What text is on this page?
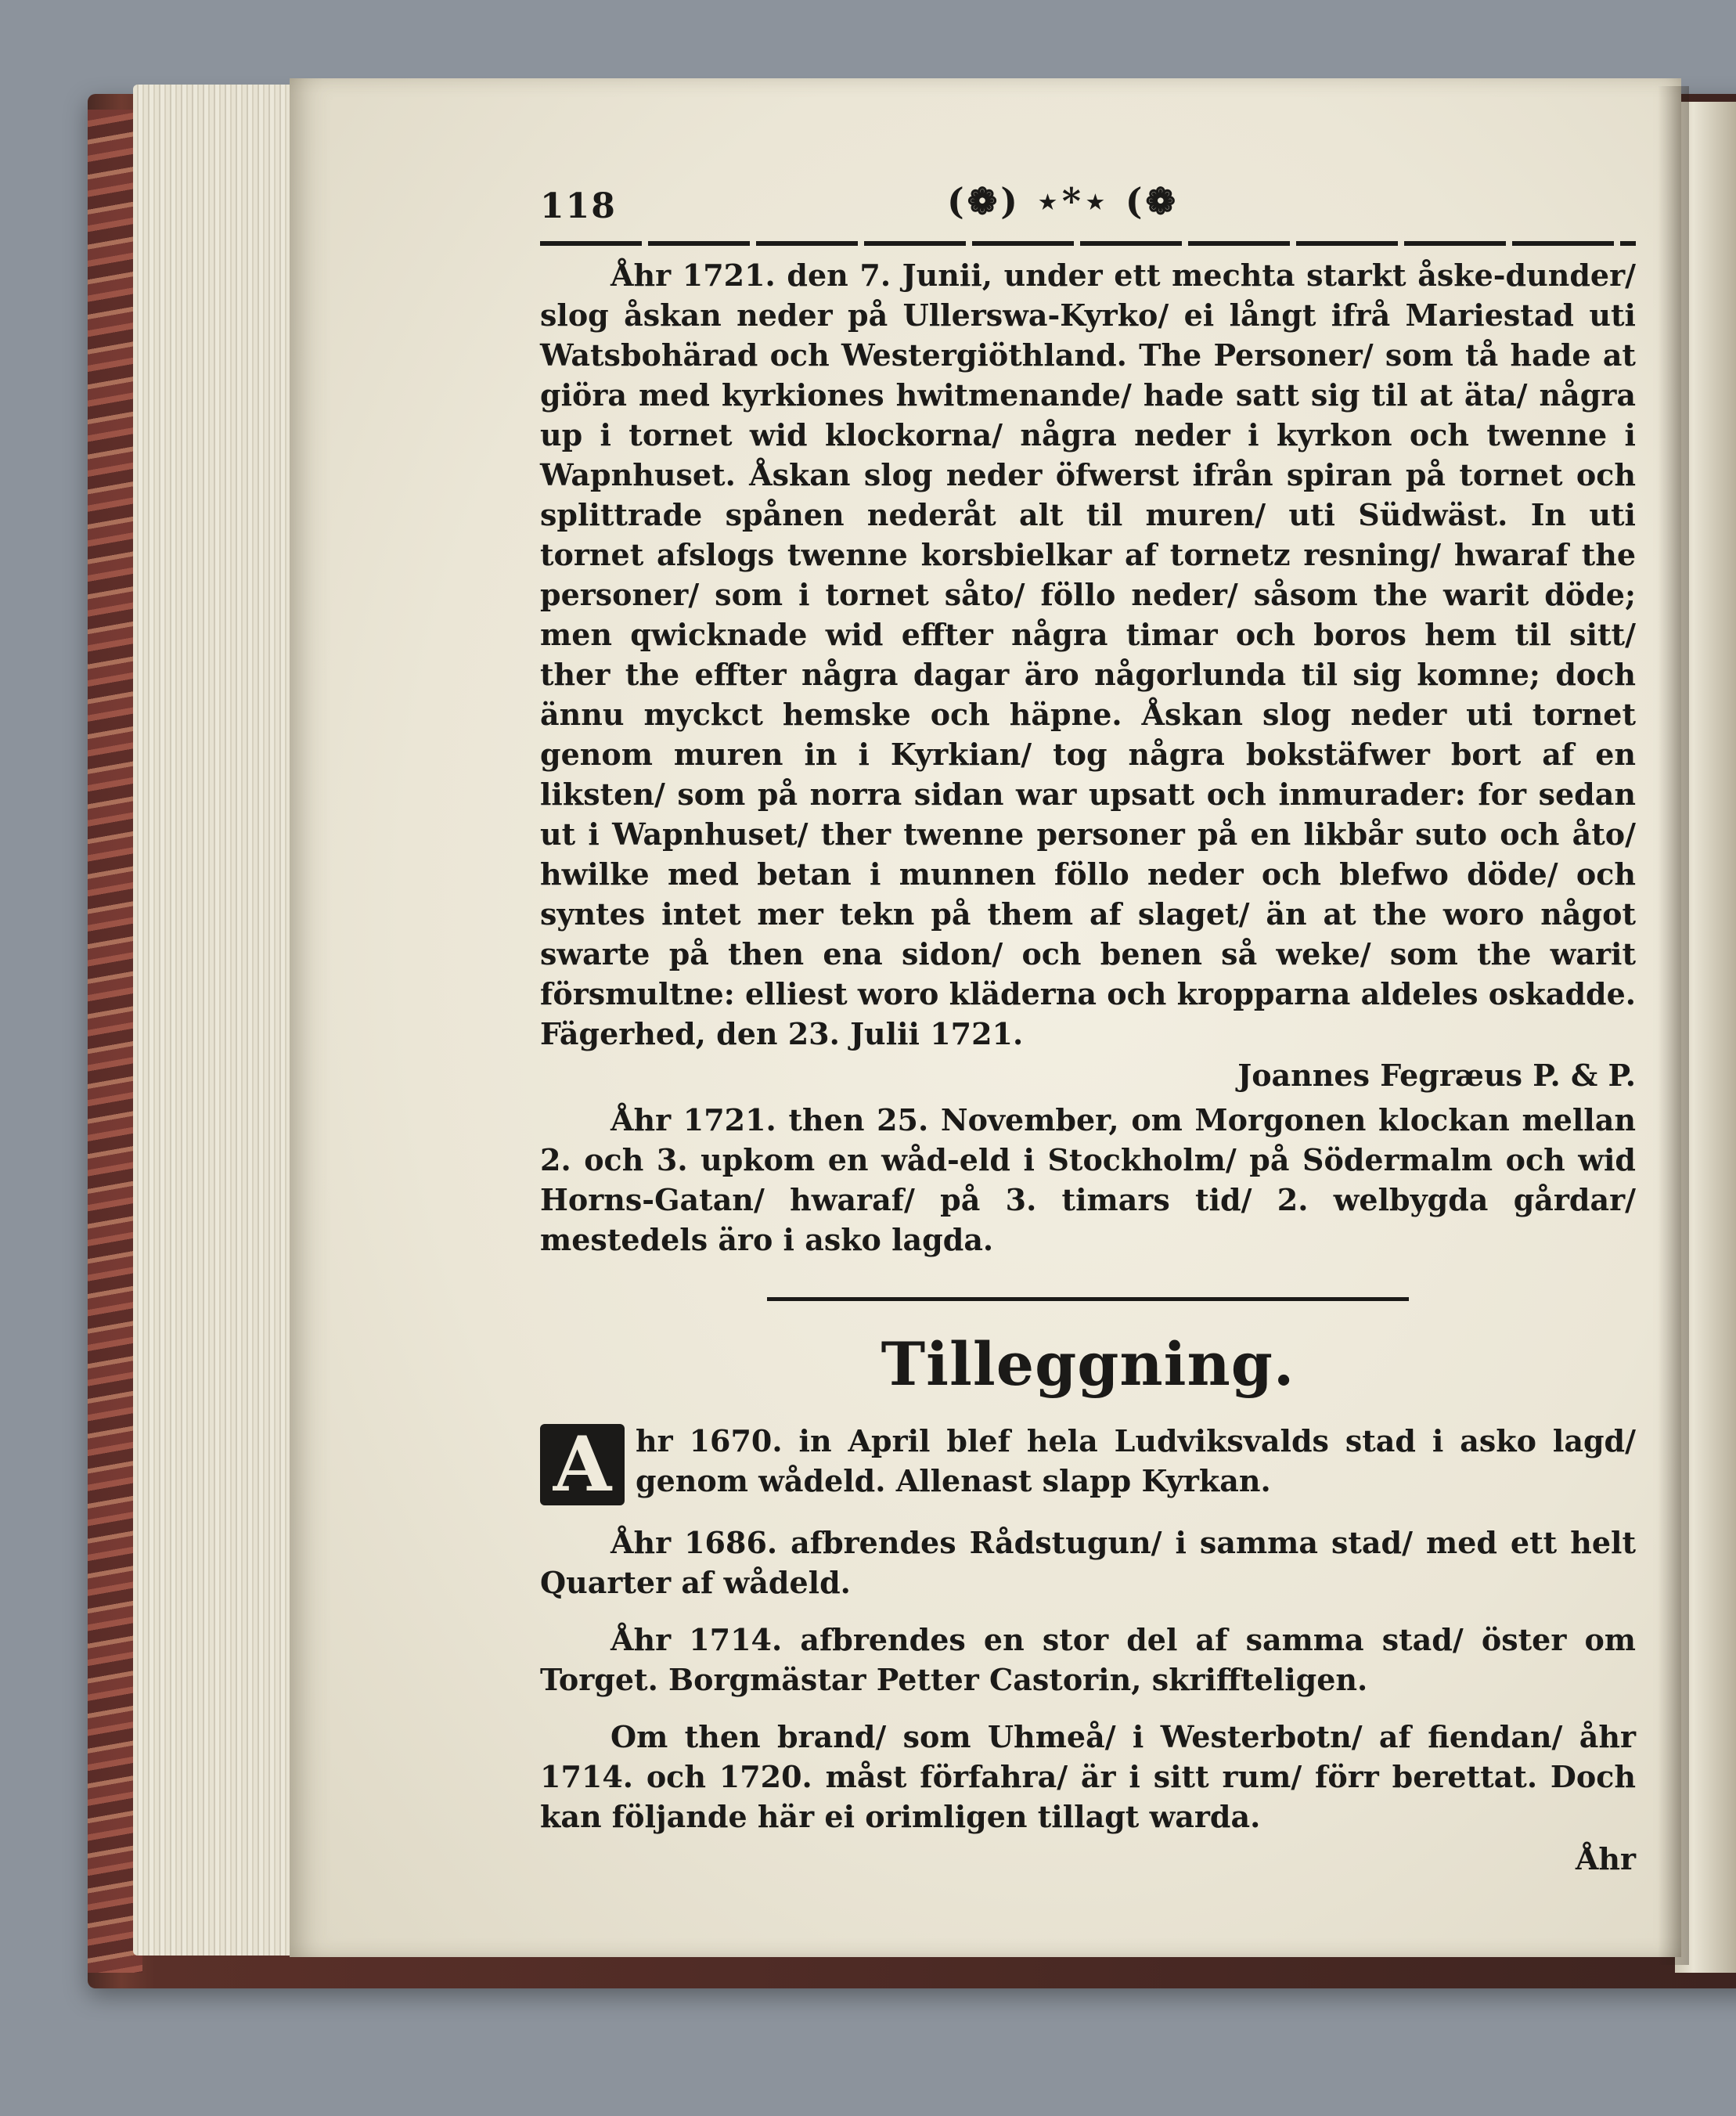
118	(❁) ⋆*⋆ (❁

Åhr 1721. den 7. Junii, under ett mechta starkt åske-dunder/ slog åskan neder på Ullerswa-Kyrko/ ei långt ifrå Mariestad uti Watsbohärad och Westergiöthland. The Personer/ som tå hade at giöra med kyrkiones hwitmenande/ hade satt sig til at äta/ några up i tornet wid klockorna/ några neder i kyrkon och twenne i Wapnhuset. Åskan slog neder öfwerst ifrån spiran på tornet och splittrade spånen nederåt alt til muren/ uti Südwäst. In uti tornet afslogs twenne korsbielkar af tornetz resning/ hwaraf the personer/ som i tornet såto/ föllo neder/ såsom the warit döde; men qwicknade wid effter några timar och boros hem til sitt/ ther the effter några dagar äro någorlunda til sig komne; doch ännu myckct hemske och häpne. Åskan slog neder uti tornet genom muren in i Kyrkian/ tog några bokstäfwer bort af en liksten/ som på norra sidan war upsatt och inmurader: for sedan ut i Wapnhuset/ ther twenne personer på en likbår suto och åto/ hwilke med betan i munnen föllo neder och blefwo döde/ och syntes intet mer tekn på them af slaget/ än at the woro något swarte på then ena sidon/ och benen så weke/ som the warit försmultne: elliest woro kläderna och kropparna aldeles oskadde. Fägerhed, den 23. Julii 1721.

Joannes Fegræus P. & P.

Åhr 1721. then 25. November, om Morgonen klockan mellan 2. och 3. upkom en wåd-eld i Stockholm/ på Södermalm och wid Horns-Gatan/ hwaraf/ på 3. timars tid/ 2. welbygda gårdar/ mestedels äro i asko lagda.

Tilleggning.
A hr 1670. in April blef hela Ludviksvalds stad i asko lagd/ genom wådeld. Allenast slapp Kyrkan.

Åhr 1686. afbrendes Rådstugun/ i samma stad/ med ett helt Quarter af wådeld.

Åhr 1714. afbrendes en stor del af samma stad/ öster om Torget. Borgmästar Petter Castorin, skriffteligen.

Om then brand/ som Uhmeå/ i Westerbotn/ af fiendan/ åhr 1714. och 1720. måst förfahra/ är i sitt rum/ förr berettat. Doch kan följande här ei orimligen tillagt warda.

Åhr
